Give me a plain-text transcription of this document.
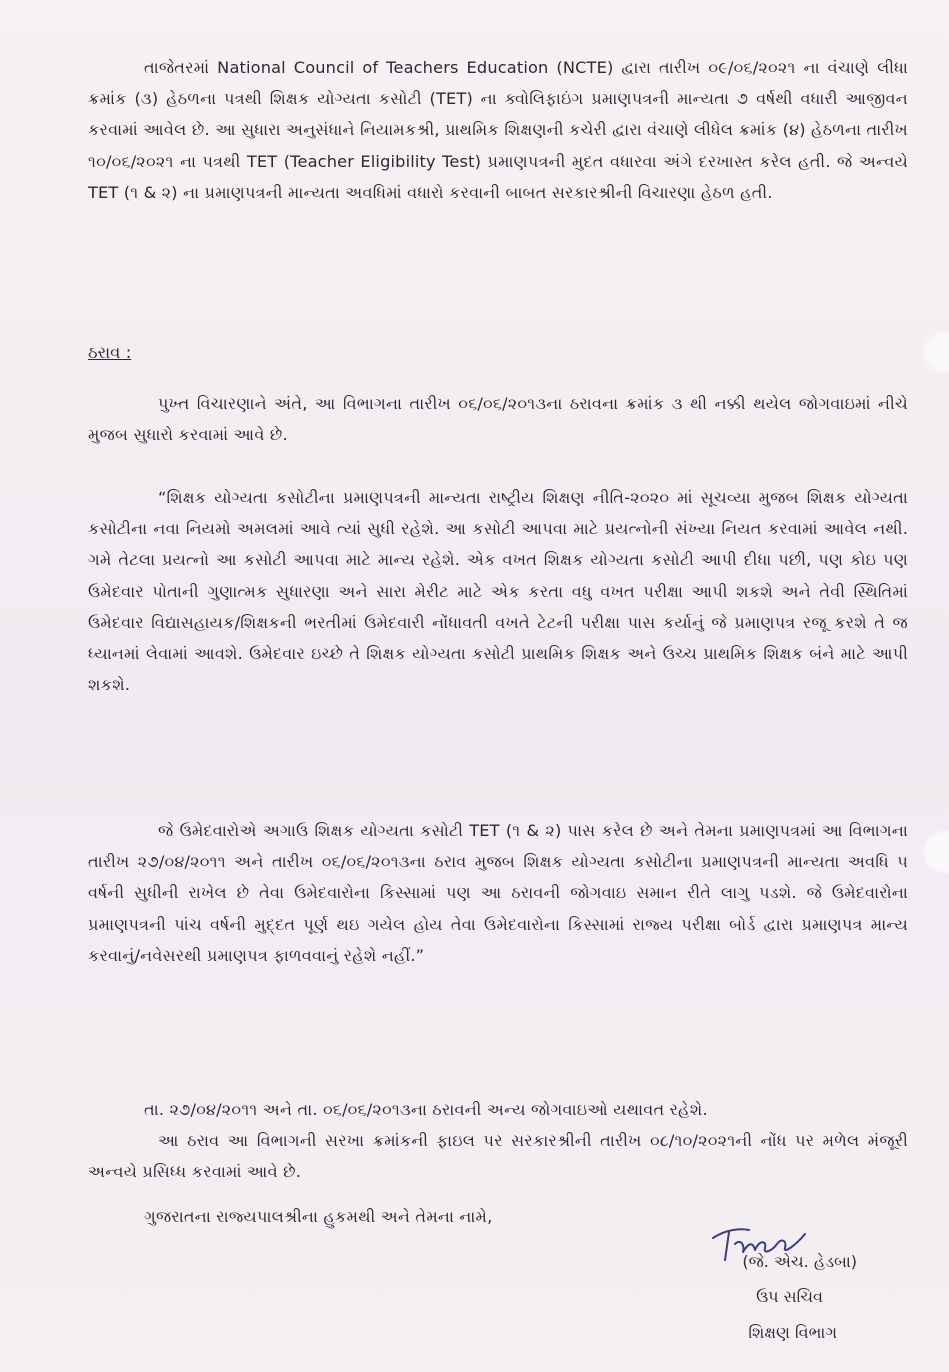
તાજેતરમાં National Council of Teachers Education (NCTE) દ્વારા તારીખ ૦૯/૦૬/૨૦૨૧ ના વંચાણે લીધા ક્રમાંક (૩) હેઠળના પત્રથી શિક્ષક યોગ્યતા કસોટી (TET) ના ક્વોલિફાઇંગ પ્રમાણપત્રની માન્યતા ૭ વર્ષથી વધારી આજીવન કરવામાં આવેલ છે. આ સુધારા અનુસંધાને નિયામકશ્રી, પ્રાથમિક શિક્ષણની કચેરી દ્વારા વંચાણે લીધેલ ક્રમાંક (૪) હેઠળના તારીખ ૧૦/૦૬/૨૦૨૧ ના પત્રથી TET (Teacher Eligibility Test) પ્રમાણપત્રની મુદત વધારવા અંગે દરખાસ્ત કરેલ હતી. જે અન્વયે TET (૧ & ૨) ના પ્રમાણપત્રની માન્યતા અવધિમાં વધારો કરવાની બાબત સરકારશ્રીની વિચારણા હેઠળ હતી.
ઠરાવ :
પુખ્ત વિચારણાને અંતે, આ વિભાગના તારીખ ૦૬/૦૬/૨૦૧૩ના ઠરાવના ક્રમાંક ૩ થી નક્કી થયેલ જોગવાઇમાં નીચે મુજબ સુધારો કરવામાં આવે છે.
“શિક્ષક યોગ્યતા કસોટીના પ્રમાણપત્રની માન્યતા રાષ્ટ્રીય શિક્ષણ નીતિ-૨૦૨૦ માં સૂચવ્યા મુજબ શિક્ષક યોગ્યતા કસોટીના નવા નિયમો અમલમાં આવે ત્યાં સુધી રહેશે. આ કસોટી આપવા માટે પ્રયત્નોની સંખ્યા નિયત કરવામાં આવેલ નથી. ગમે તેટલા પ્રયત્નો આ કસોટી આપવા માટે માન્ય રહેશે. એક વખત શિક્ષક યોગ્યતા કસોટી આપી દીધા પછી, પણ કોઇ પણ ઉમેદવાર પોતાની ગુણાત્મક સુધારણા અને સારા મેરીટ માટે એક કરતા વધુ વખત પરીક્ષા આપી શકશે અને તેવી સ્થિતિમાં ઉમેદવાર વિદ્યાસહાયક/શિક્ષકની ભરતીમાં ઉમેદવારી નોંધાવતી વખતે ટેટની પરીક્ષા પાસ કર્યાનું જે પ્રમાણપત્ર રજૂ કરશે તે જ ધ્યાનમાં લેવામાં આવશે. ઉમેદવાર ઇચ્છે તે શિક્ષક યોગ્યતા કસોટી પ્રાથમિક શિક્ષક અને ઉચ્ચ પ્રાથમિક શિક્ષક બંને માટે આપી શકશે.
જે ઉમેદવારોએ અગાઉ શિક્ષક યોગ્યતા કસોટી TET (૧ & ૨) પાસ કરેલ છે અને તેમના પ્રમાણપત્રમાં આ વિભાગના તારીખ ૨૭/૦૪/૨૦૧૧ અને તારીખ ૦૬/૦૬/૨૦૧૩ના ઠરાવ મુજબ શિક્ષક યોગ્યતા કસોટીના પ્રમાણપત્રની માન્યતા અવધિ ૫ વર્ષની સુધીની રાખેલ છે તેવા ઉમેદવારોના કિસ્સામાં પણ આ ઠરાવની જોગવાઇ સમાન રીતે લાગુ પડશે. જે ઉમેદવારોના પ્રમાણપત્રની પાંચ વર્ષની મુદ્દત પૂર્ણ થઇ ગયેલ હોય તેવા ઉમેદવારોના કિસ્સામાં રાજ્ય પરીક્ષા બોર્ડ દ્વારા પ્રમાણપત્ર માન્ય કરવાનું/નવેસરથી પ્રમાણપત્ર ફાળવવાનું રહેશે નહીં.”
તા. ૨૭/૦૪/૨૦૧૧ અને તા. ૦૬/૦૬/૨૦૧૩ના ઠરાવની અન્ય જોગવાઇઓ યથાવત રહેશે.
આ ઠરાવ આ વિભાગની સરખા ક્રમાંકની ફાઇલ પર સરકારશ્રીની તારીખ ૦૮/૧૦/૨૦૨૧ની નોંધ પર મળેલ મંજૂરી અન્વયે પ્રસિધ્ધ કરવામાં આવે છે.
ગુજરાતના રાજ્યપાલશ્રીના હુકમથી અને તેમના નામે,
(જે. એચ. હેડબા)
ઉપ સચિવ
શિક્ષણ વિભાગ
